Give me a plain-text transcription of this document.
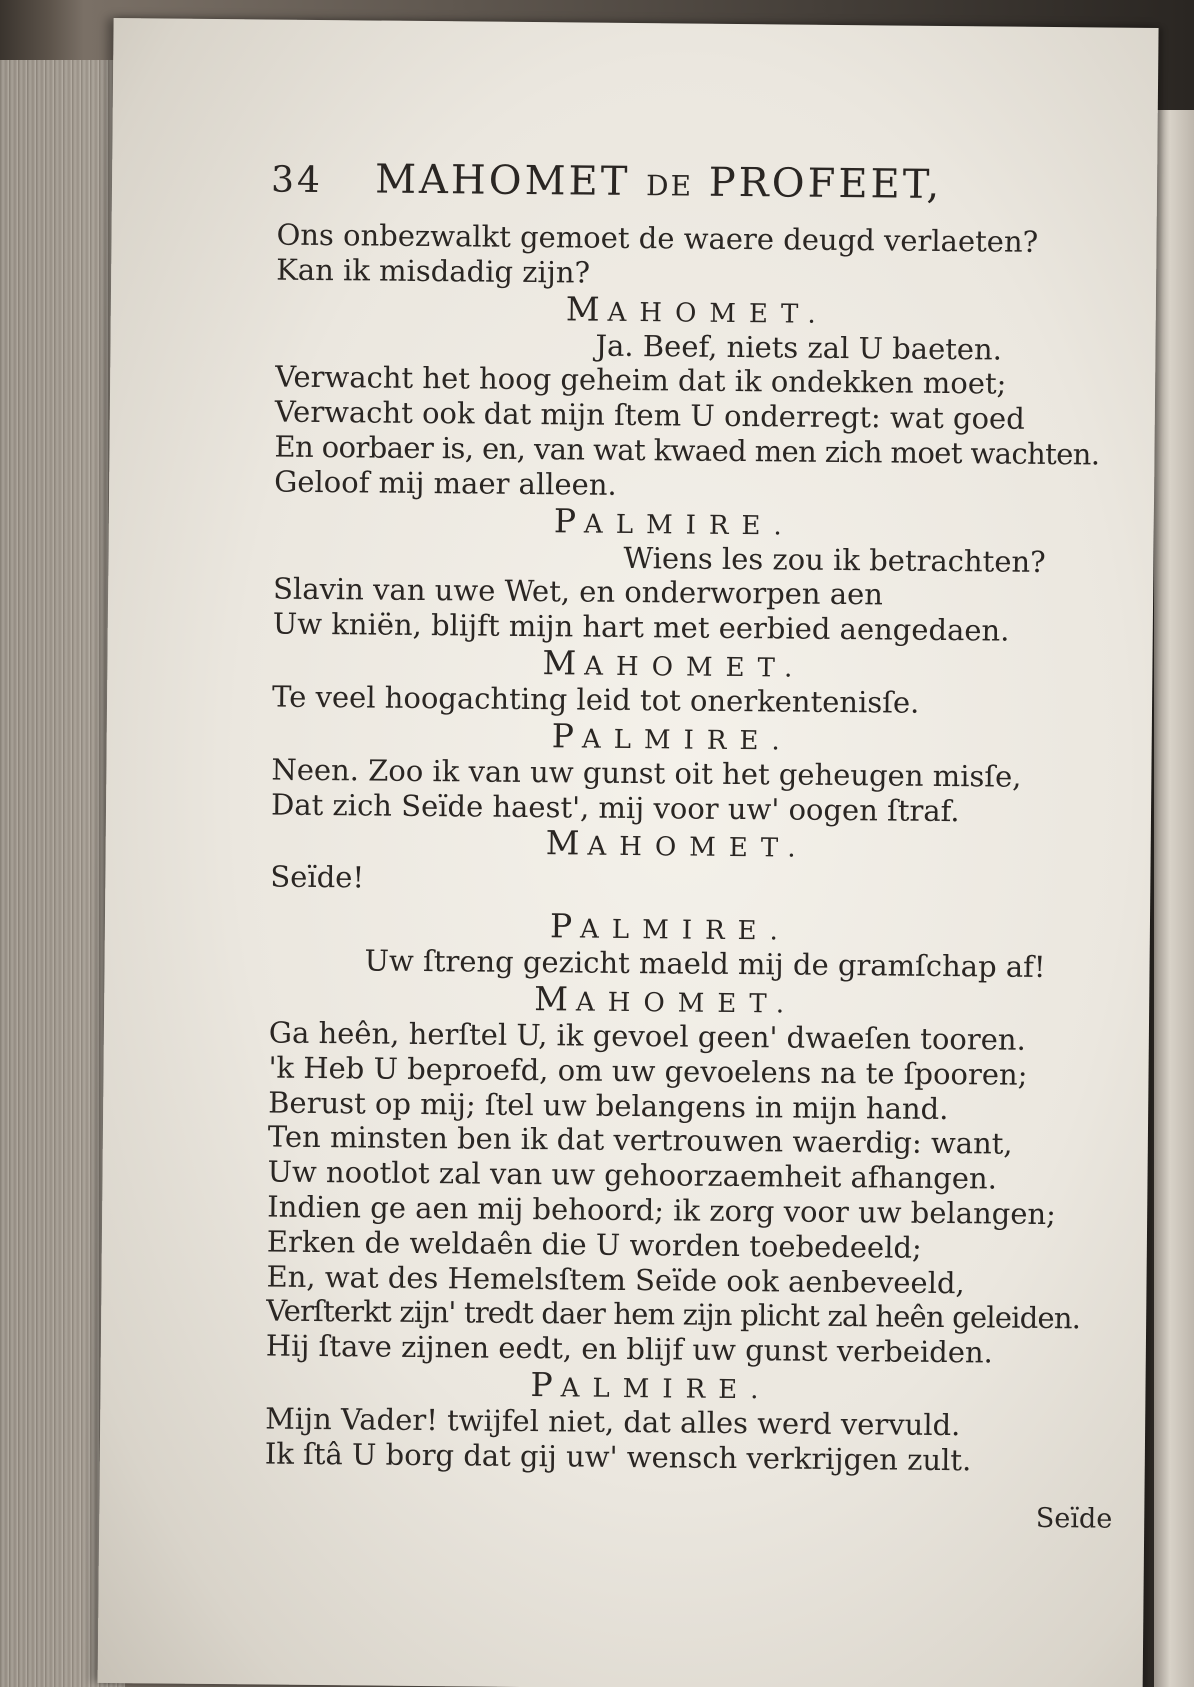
34 MAHOMET DE PROFEET,
Ons onbezwalkt gemoet de waere deugd verlaeten?
Kan ik misdadig zijn?
MAHOMET.
Ja. Beef, niets zal U baeten.
Verwacht het hoog geheim dat ik ondekken moet;
Verwacht ook dat mijn ſtem U onderregt: wat goed
En oorbaer is, en, van wat kwaed men zich moet wachten.
Geloof mij maer alleen.
PALMIRE.
Wiens les zou ik betrachten?
Slavin van uwe Wet, en onderworpen aen
Uw kniën, blijft mijn hart met eerbied aengedaen.
MAHOMET.
Te veel hoogachting leid tot onerkentenisſe.
PALMIRE.
Neen. Zoo ik van uw gunst oit het geheugen misſe,
Dat zich Seïde haest', mij voor uw' oogen ſtraf.
MAHOMET.
Seïde!
PALMIRE.
Uw ſtreng gezicht maeld mij de gramſchap af!
MAHOMET.
Ga heên, herſtel U, ik gevoel geen' dwaeſen tooren.
'k Heb U beproefd, om uw gevoelens na te ſpooren;
Berust op mij; ſtel uw belangens in mijn hand.
Ten minsten ben ik dat vertrouwen waerdig: want,
Uw nootlot zal van uw gehoorzaemheit afhangen.
Indien ge aen mij behoord; ik zorg voor uw belangen;
Erken de weldaên die U worden toebedeeld;
En, wat des Hemelsſtem Seïde ook aenbeveeld,
Verſterkt zijn' tredt daer hem zijn plicht zal heên geleiden.
Hij ſtave zijnen eedt, en blijf uw gunst verbeiden.
PALMIRE.
Mijn Vader! twijfel niet, dat alles werd vervuld.
Ik ſtâ U borg dat gij uw' wensch verkrijgen zult.
Seïde
